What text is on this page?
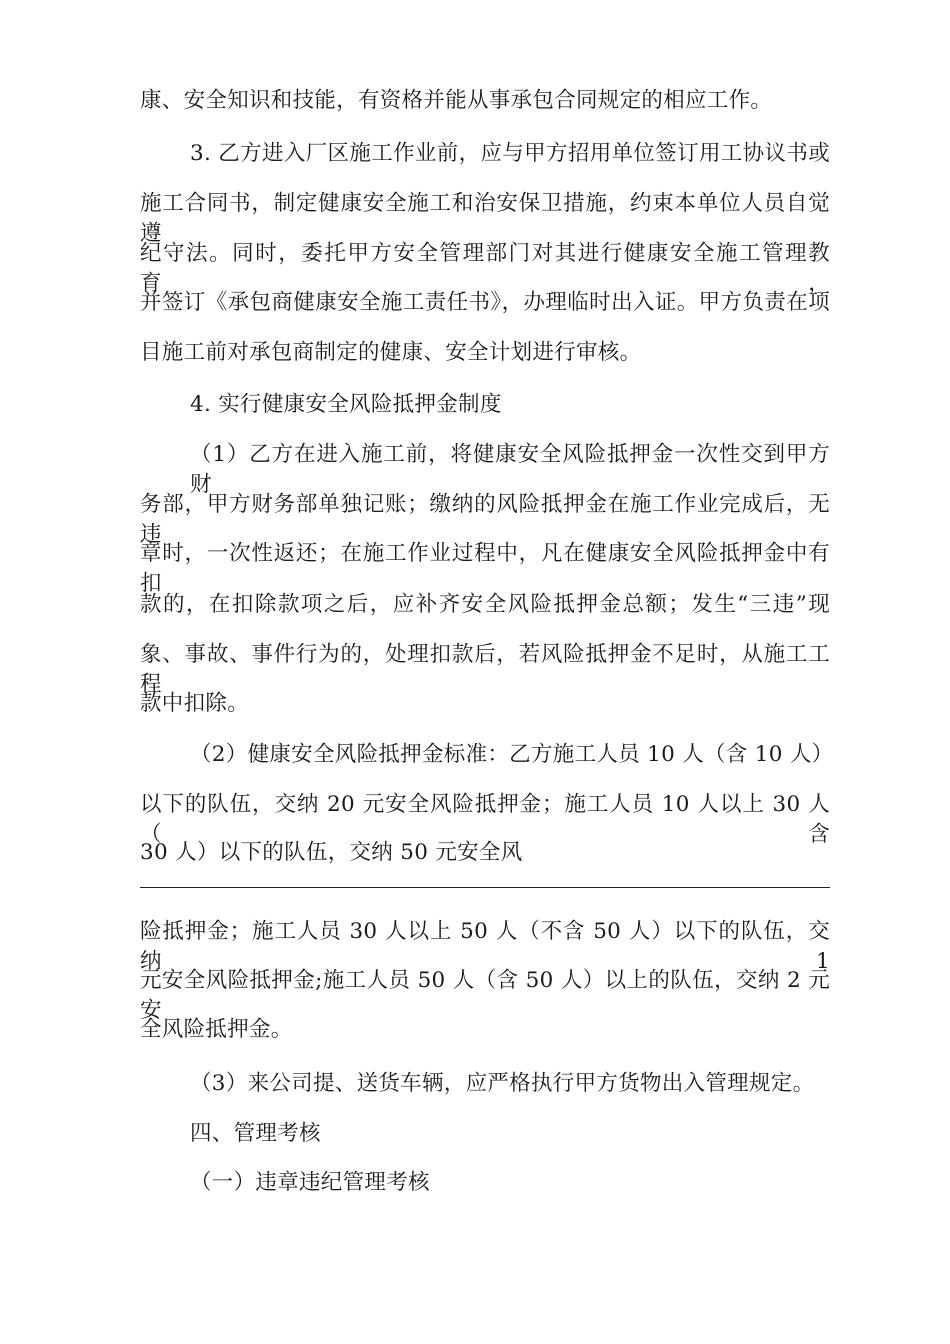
康、安全知识和技能，有资格并能从事承包合同规定的相应工作。
3. 乙方进入厂区施工作业前，应与甲方招用单位签订用工协议书或
施工合同书，制定健康安全施工和治安保卫措施，约束本单位人员自觉遵
纪守法。同时，委托甲方安全管理部门对其进行健康安全施工管理教育，
并签订《承包商健康安全施工责任书》，办理临时出入证。甲方负责在项
目施工前对承包商制定的健康、安全计划进行审核。
4. 实行健康安全风险抵押金制度
（1）乙方在进入施工前，将健康安全风险抵押金一次性交到甲方财
务部，甲方财务部单独记账；缴纳的风险抵押金在施工作业完成后，无违
章时，一次性返还；在施工作业过程中，凡在健康安全风险抵押金中有扣
款的，在扣除款项之后，应补齐安全风险抵押金总额；发生“三违”现
象、事故、事件行为的，处理扣款后，若风险抵押金不足时，从施工工程
款中扣除。
（2）健康安全风险抵押金标准：乙方施工人员 10 人（含 10 人）
以下的队伍，交纳 20 元安全风险抵押金；施工人员 10 人以上 30 人（含
30 人）以下的队伍，交纳 50 元安全风
险抵押金；施工人员 30 人以上 50 人（不含 50 人）以下的队伍，交纳 1
元安全风险抵押金;施工人员 50 人（含 50 人）以上的队伍，交纳 2 元安
全风险抵押金。
（3）来公司提、送货车辆，应严格执行甲方货物出入管理规定。
四、管理考核
（一）违章违纪管理考核
